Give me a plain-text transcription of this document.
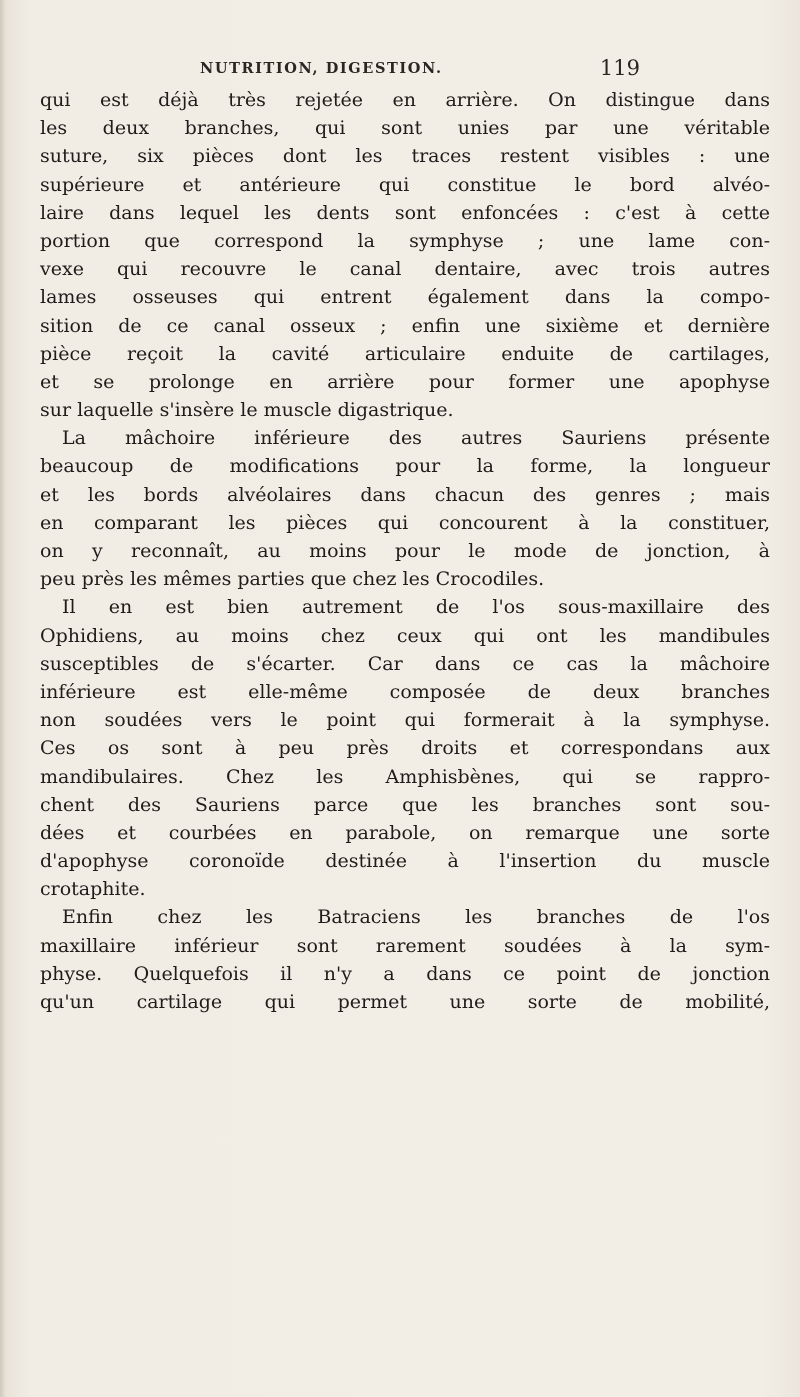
NUTRITION, DIGESTION.	119
qui est déjà très rejetée en arrière. On distingue dans
les deux branches, qui sont unies par une véritable
suture, six pièces dont les traces restent visibles : une
supérieure et antérieure qui constitue le bord alvéo-
laire dans lequel les dents sont enfoncées : c'est à cette
portion que correspond la symphyse ; une lame con-
vexe qui recouvre le canal dentaire, avec trois autres
lames osseuses qui entrent également dans la compo-
sition de ce canal osseux ; enfin une sixième et dernière
pièce reçoit la cavité articulaire enduite de cartilages,
et se prolonge en arrière pour former une apophyse
sur laquelle s'insère le muscle digastrique.
La mâchoire inférieure des autres Sauriens présente
beaucoup de modifications pour la forme, la longueur
et les bords alvéolaires dans chacun des genres ; mais
en comparant les pièces qui concourent à la constituer,
on y reconnaît, au moins pour le mode de jonction, à
peu près les mêmes parties que chez les Crocodiles.
Il en est bien autrement de l'os sous-maxillaire des
Ophidiens, au moins chez ceux qui ont les mandibules
susceptibles de s'écarter. Car dans ce cas la mâchoire
inférieure est elle-même composée de deux branches
non soudées vers le point qui formerait à la symphyse.
Ces os sont à peu près droits et correspondans aux
mandibulaires. Chez les Amphisbènes, qui se rappro-
chent des Sauriens parce que les branches sont sou-
dées et courbées en parabole, on remarque une sorte
d'apophyse coronoïde destinée à l'insertion du muscle
crotaphite.
Enfin chez les Batraciens les branches de l'os
maxillaire inférieur sont rarement soudées à la sym-
physe. Quelquefois il n'y a dans ce point de jonction
qu'un cartilage qui permet une sorte de mobilité,
